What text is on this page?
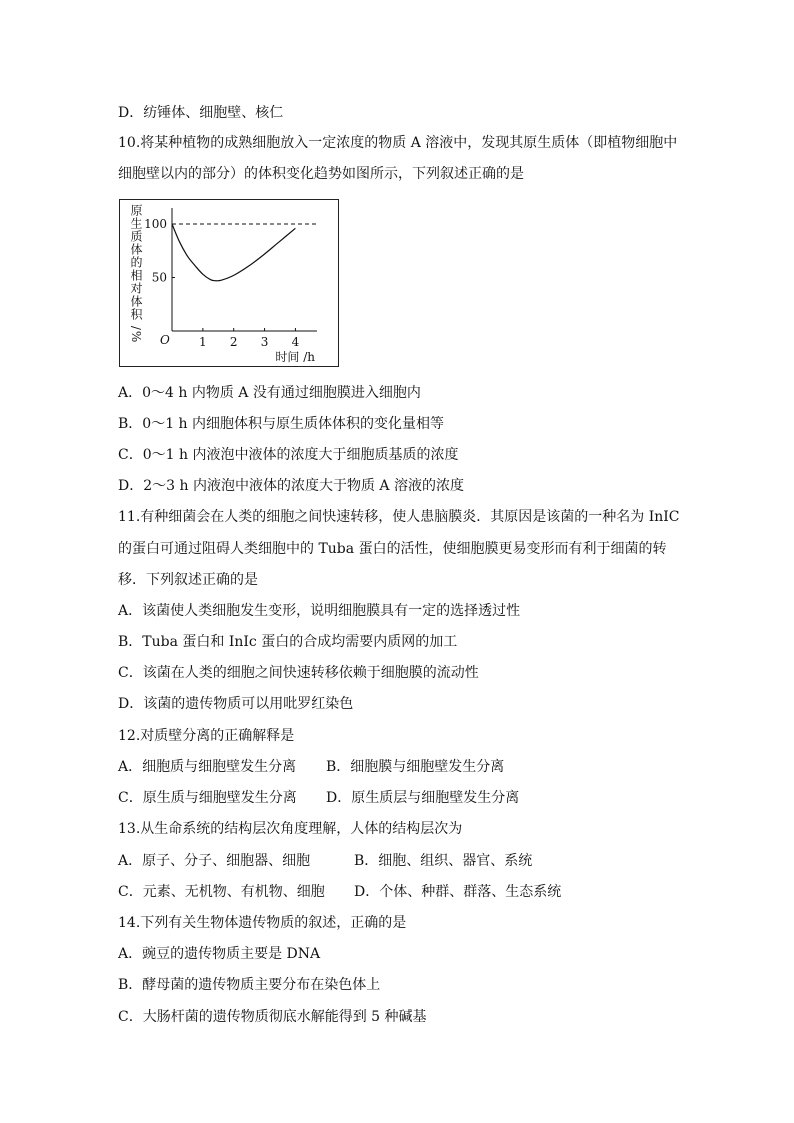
D．纺锤体、细胞壁、核仁
10.将某种植物的成熟细胞放入一定浓度的物质 A 溶液中，发现其原生质体（即植物细胞中
细胞壁以内的部分）的体积变化趋势如图所示，下列叙述正确的是
1 2 3 4
50
100
O
时间 /h
原生质体的相对体积 /%
A．0～4 h 内物质 A 没有通过细胞膜进入细胞内
B．0～1 h 内细胞体积与原生质体体积的变化量相等
C．0～1 h 内液泡中液体的浓度大于细胞质基质的浓度
D．2～3 h 内液泡中液体的浓度大于物质 A 溶液的浓度
11.有种细菌会在人类的细胞之间快速转移，使人患脑膜炎．其原因是该菌的一种名为 InIC
的蛋白可通过阻碍人类细胞中的 Tuba 蛋白的活性，使细胞膜更易变形而有利于细菌的转
移．下列叙述正确的是
A．该菌使人类细胞发生变形，说明细胞膜具有一定的选择透过性
B．Tuba 蛋白和 InIc 蛋白的合成均需要内质网的加工
C．该菌在人类的细胞之间快速转移依赖于细胞膜的流动性
D．该菌的遗传物质可以用吡罗红染色
12.对质壁分离的正确解释是
A．细胞质与细胞壁发生分离 B．细胞膜与细胞壁发生分离
C．原生质与细胞壁发生分离 D．原生质层与细胞壁发生分离
13.从生命系统的结构层次角度理解，人体的结构层次为
A．原子、分子、细胞器、细胞	B．细胞、组织、器官、系统
C．元素、无机物、有机物、细胞 D．个体、种群、群落、生态系统
14.下列有关生物体遗传物质的叙述，正确的是
A．豌豆的遗传物质主要是 DNA
B．酵母菌的遗传物质主要分布在染色体上
C．大肠杆菌的遗传物质彻底水解能得到 5 种碱基
